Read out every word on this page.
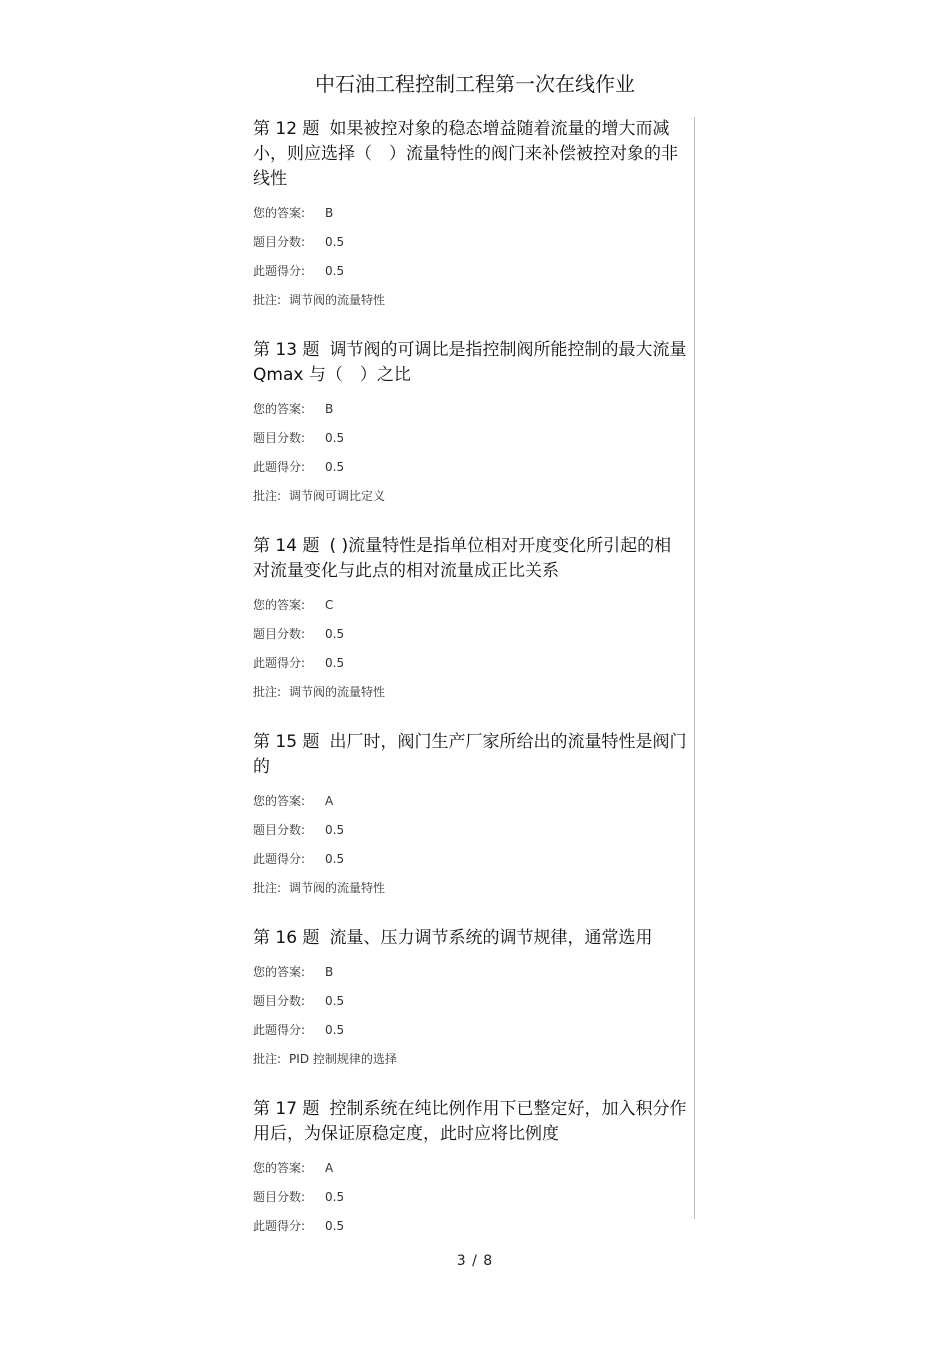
中石油工程控制工程第一次在线作业
第 12 题 如果被控对象的稳态增益随着流量的增大而减小，则应选择（　）流量特性的阀门来补偿被控对象的非线性
您的答案: B
题目分数: 0.5
此题得分: 0.5
批注: 调节阀的流量特性
第 13 题 调节阀的可调比是指控制阀所能控制的最大流量 Qmax 与（　）之比
您的答案: B
题目分数: 0.5
此题得分: 0.5
批注: 调节阀可调比定义
第 14 题 ( )流量特性是指单位相对开度变化所引起的相对流量变化与此点的相对流量成正比关系
您的答案: C
题目分数: 0.5
此题得分: 0.5
批注: 调节阀的流量特性
第 15 题 出厂时，阀门生产厂家所给出的流量特性是阀门的
您的答案: A
题目分数: 0.5
此题得分: 0.5
批注: 调节阀的流量特性
第 16 题 流量、压力调节系统的调节规律，通常选用
您的答案: B
题目分数: 0.5
此题得分: 0.5
批注: PID 控制规律的选择
第 17 题 控制系统在纯比例作用下已整定好，加入积分作用后，为保证原稳定度，此时应将比例度
您的答案: A
题目分数: 0.5
此题得分: 0.5
3 / 8
